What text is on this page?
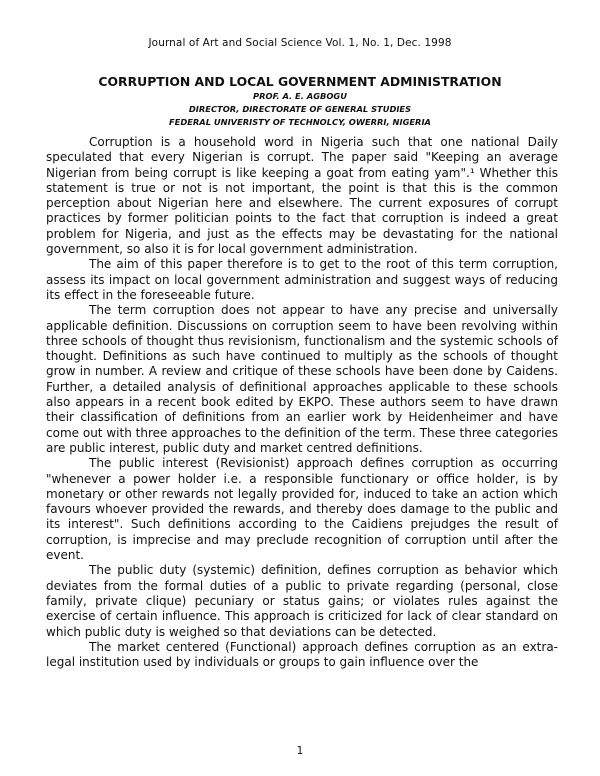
Journal of Art and Social Science Vol. 1, No. 1, Dec. 1998
CORRUPTION AND LOCAL GOVERNMENT ADMINISTRATION
PROF. A. E. AGBOGU
DIRECTOR, DIRECTORATE OF GENERAL STUDIES
FEDERAL UNIVERISTY OF TECHNOLCY, OWERRI, NIGERIA

Corruption is a household word in Nigeria such that one national Daily speculated that every Nigerian is corrupt. The paper said "Keeping an average Nigerian from being corrupt is like keeping a goat from eating yam".¹ Whether this statement is true or not is not important, the point is that this is the common perception about Nigerian here and elsewhere. The current exposures of corrupt practices by former politician points to the fact that corruption is indeed a great problem for Nigeria, and just as the effects may be devastating for the national government, so also it is for local government administration.

The aim of this paper therefore is to get to the root of this term corruption, assess its impact on local government administration and suggest ways of reducing its effect in the foreseeable future.

The term corruption does not appear to have any precise and universally applicable definition. Discussions on corruption seem to have been revolving within three schools of thought thus revisionism, functionalism and the systemic schools of thought. Definitions as such have continued to multiply as the schools of thought grow in number. A review and critique of these schools have been done by Caidens. Further, a detailed analysis of definitional approaches applicable to these schools also appears in a recent book edited by EKPO. These authors seem to have drawn their classification of definitions from an earlier work by Heidenheimer and have come out with three approaches to the definition of the term. These three categories are public interest, public duty and market centred definitions.

The public interest (Revisionist) approach defines corruption as occurring "whenever a power holder i.e. a responsible functionary or office holder, is by monetary or other rewards not legally provided for, induced to take an action which favours whoever provided the rewards, and thereby does damage to the public and its interest". Such definitions according to the Caidiens prejudges the result of corruption, is imprecise and may preclude recognition of corruption until after the event.

The public duty (systemic) definition, defines corruption as behavior which deviates from the formal duties of a public to private regarding (personal, close family, private clique) pecuniary or status gains; or violates rules against the exercise of certain influence. This approach is criticized for lack of clear standard on which public duty is weighed so that deviations can be detected.

The market centered (Functional) approach defines corruption as an extra-legal institution used by individuals or groups to gain influence over the

1
